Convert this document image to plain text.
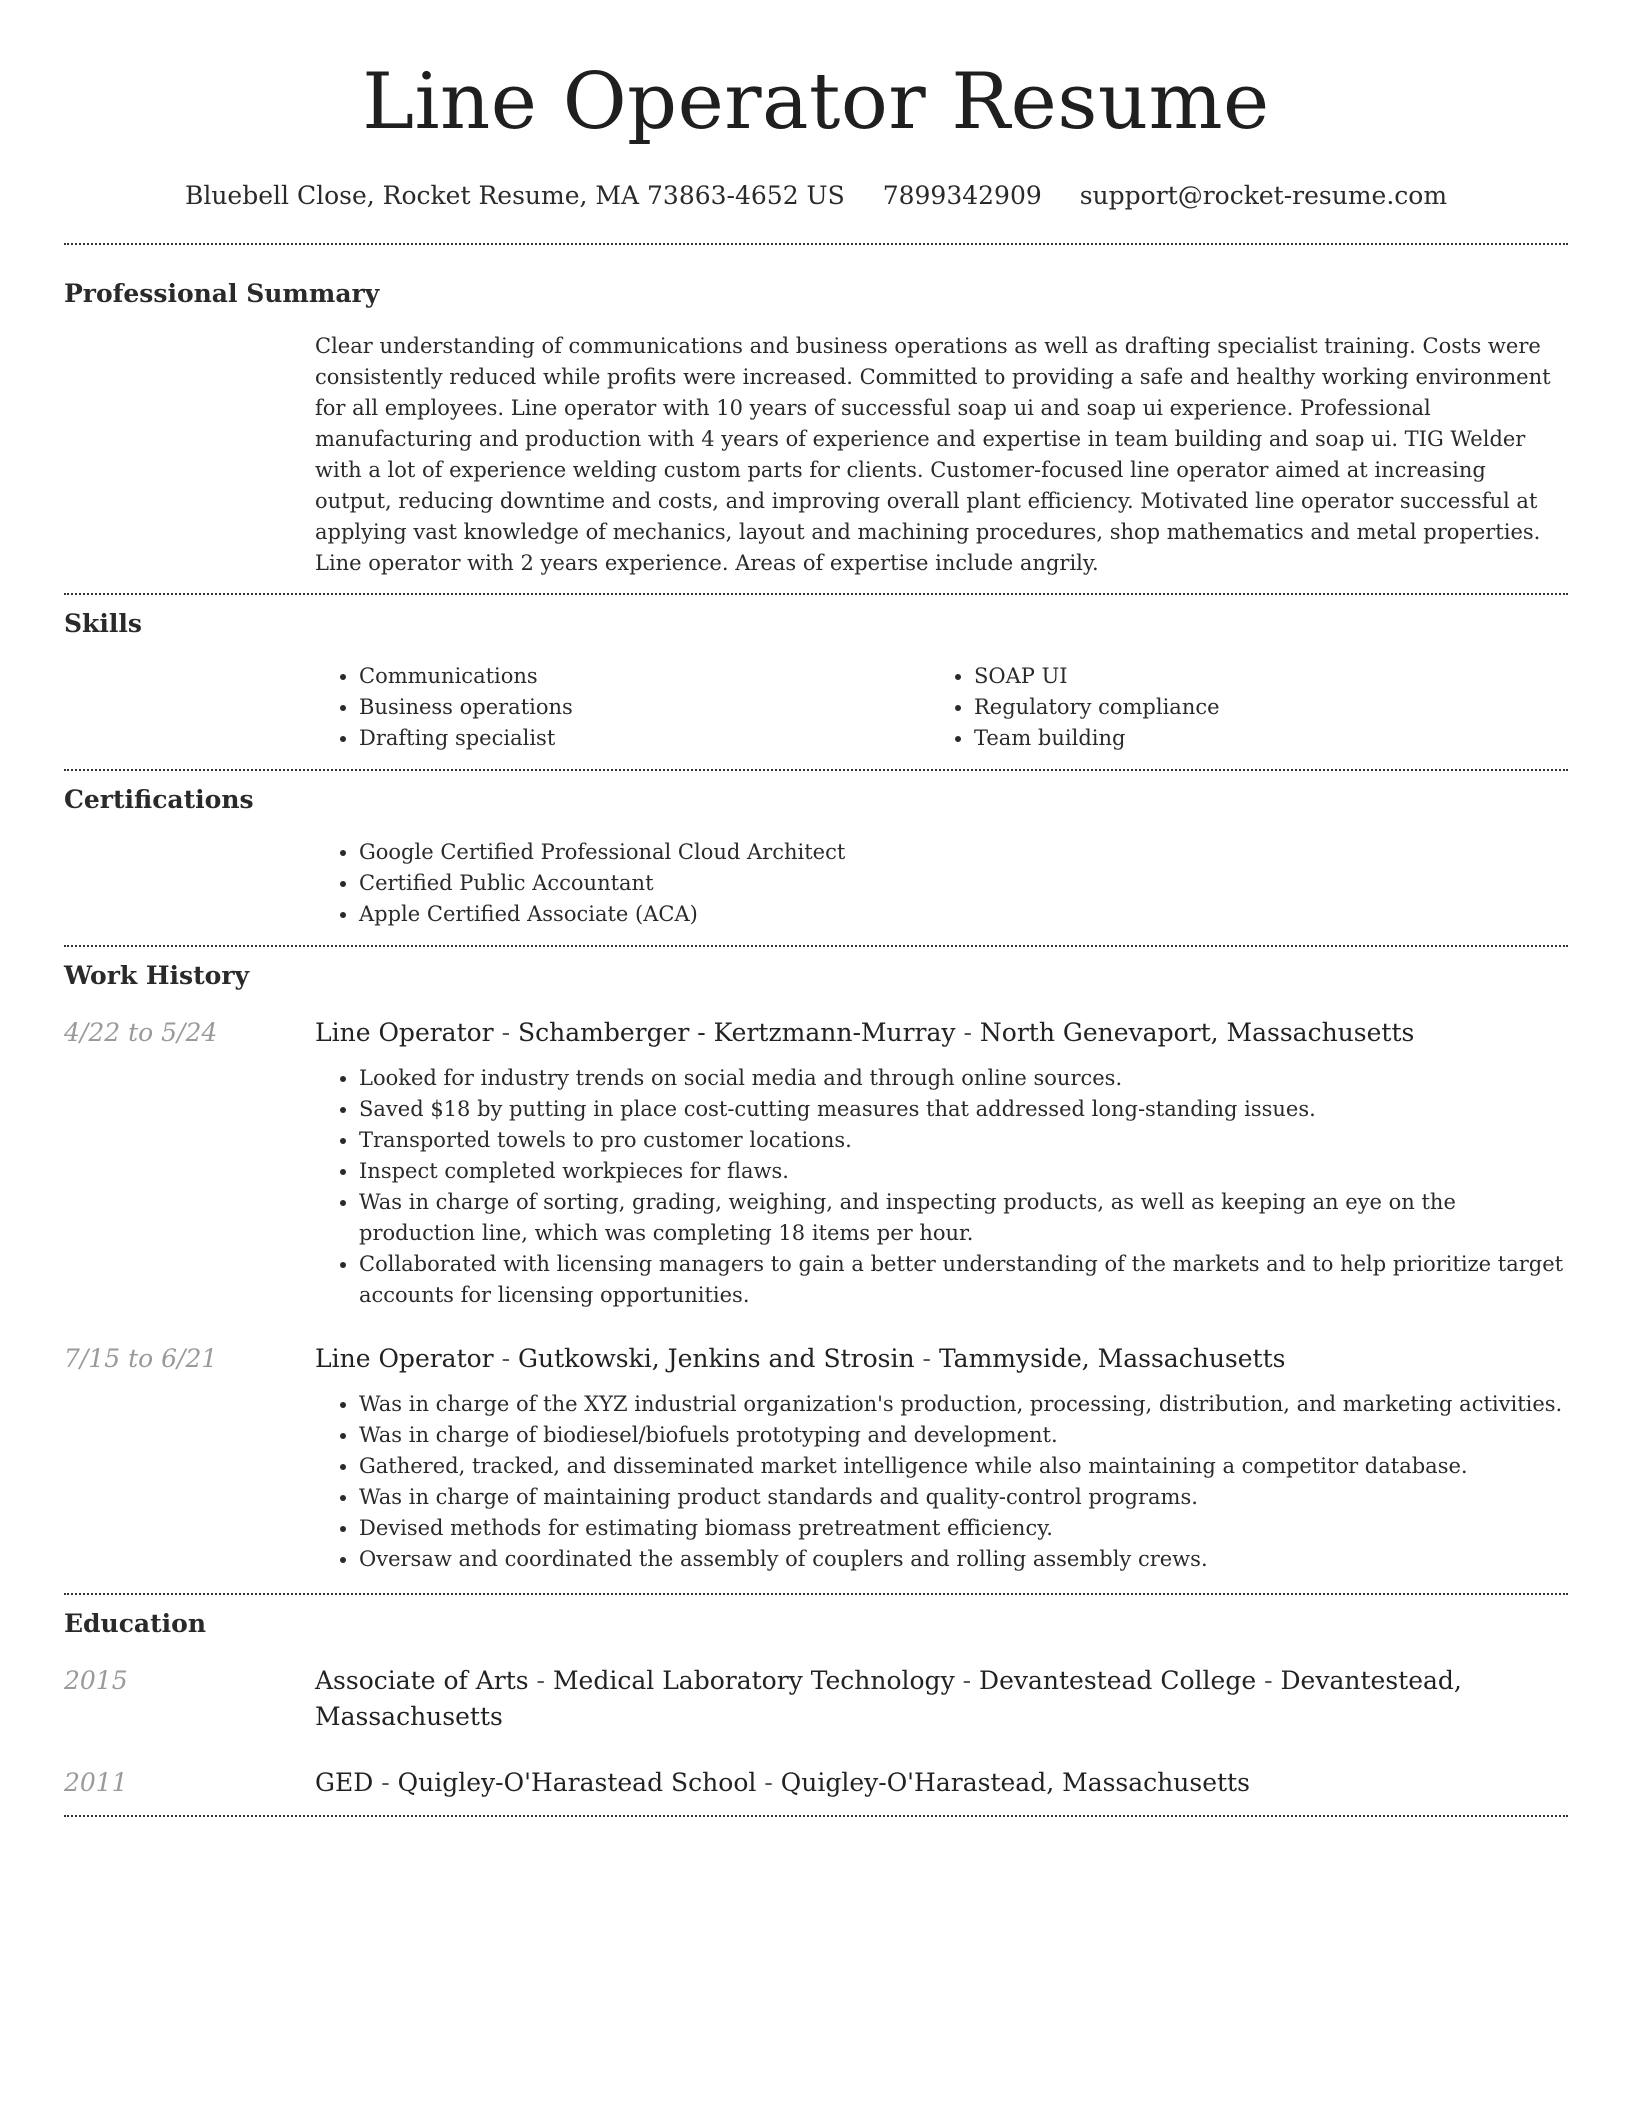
Line Operator Resume
Bluebell Close, Rocket Resume, MA 73863-4652 US 7899342909 support@rocket-resume.com
Professional Summary

Clear understanding of communications and business operations as well as drafting specialist training. Costs were consistently reduced while profits were increased. Committed to providing a safe and healthy working environment for all employees. Line operator with 10 years of successful soap ui and soap ui experience. Professional manufacturing and production with 4 years of experience and expertise in team building and soap ui. TIG Welder with a lot of experience welding custom parts for clients. Customer-focused line operator aimed at increasing output, reducing downtime and costs, and improving overall plant efficiency. Motivated line operator successful at applying vast knowledge of mechanics, layout and machining procedures, shop mathematics and metal properties. Line operator with 2 years experience. Areas of expertise include angrily.

Skills
• Communications
• Business operations
• Drafting specialist
• SOAP UI
• Regulatory compliance
• Team building
Certifications
• Google Certified Professional Cloud Architect
• Certified Public Accountant
• Apple Certified Associate (ACA)
Work History
4/22 to 5/24	Line Operator - Schamberger - Kertzmann-Murray - North Genevaport, Massachusetts
• Looked for industry trends on social media and through online sources.
• Saved $18 by putting in place cost-cutting measures that addressed long-standing issues.
• Transported towels to pro customer locations.
• Inspect completed workpieces for flaws.
• Was in charge of sorting, grading, weighing, and inspecting products, as well as keeping an eye on the production line, which was completing 18 items per hour.
• Collaborated with licensing managers to gain a better understanding of the markets and to help prioritize target accounts for licensing opportunities.
7/15 to 6/21	Line Operator - Gutkowski, Jenkins and Strosin - Tammyside, Massachusetts
• Was in charge of the XYZ industrial organization's production, processing, distribution, and marketing activities.
• Was in charge of biodiesel/biofuels prototyping and development.
• Gathered, tracked, and disseminated market intelligence while also maintaining a competitor database.
• Was in charge of maintaining product standards and quality-control programs.
• Devised methods for estimating biomass pretreatment efficiency.
• Oversaw and coordinated the assembly of couplers and rolling assembly crews.
Education
2015	Associate of Arts - Medical Laboratory Technology - Devantestead College - Devantestead, Massachusetts
2011	GED - Quigley-O'Harastead School - Quigley-O'Harastead, Massachusetts
